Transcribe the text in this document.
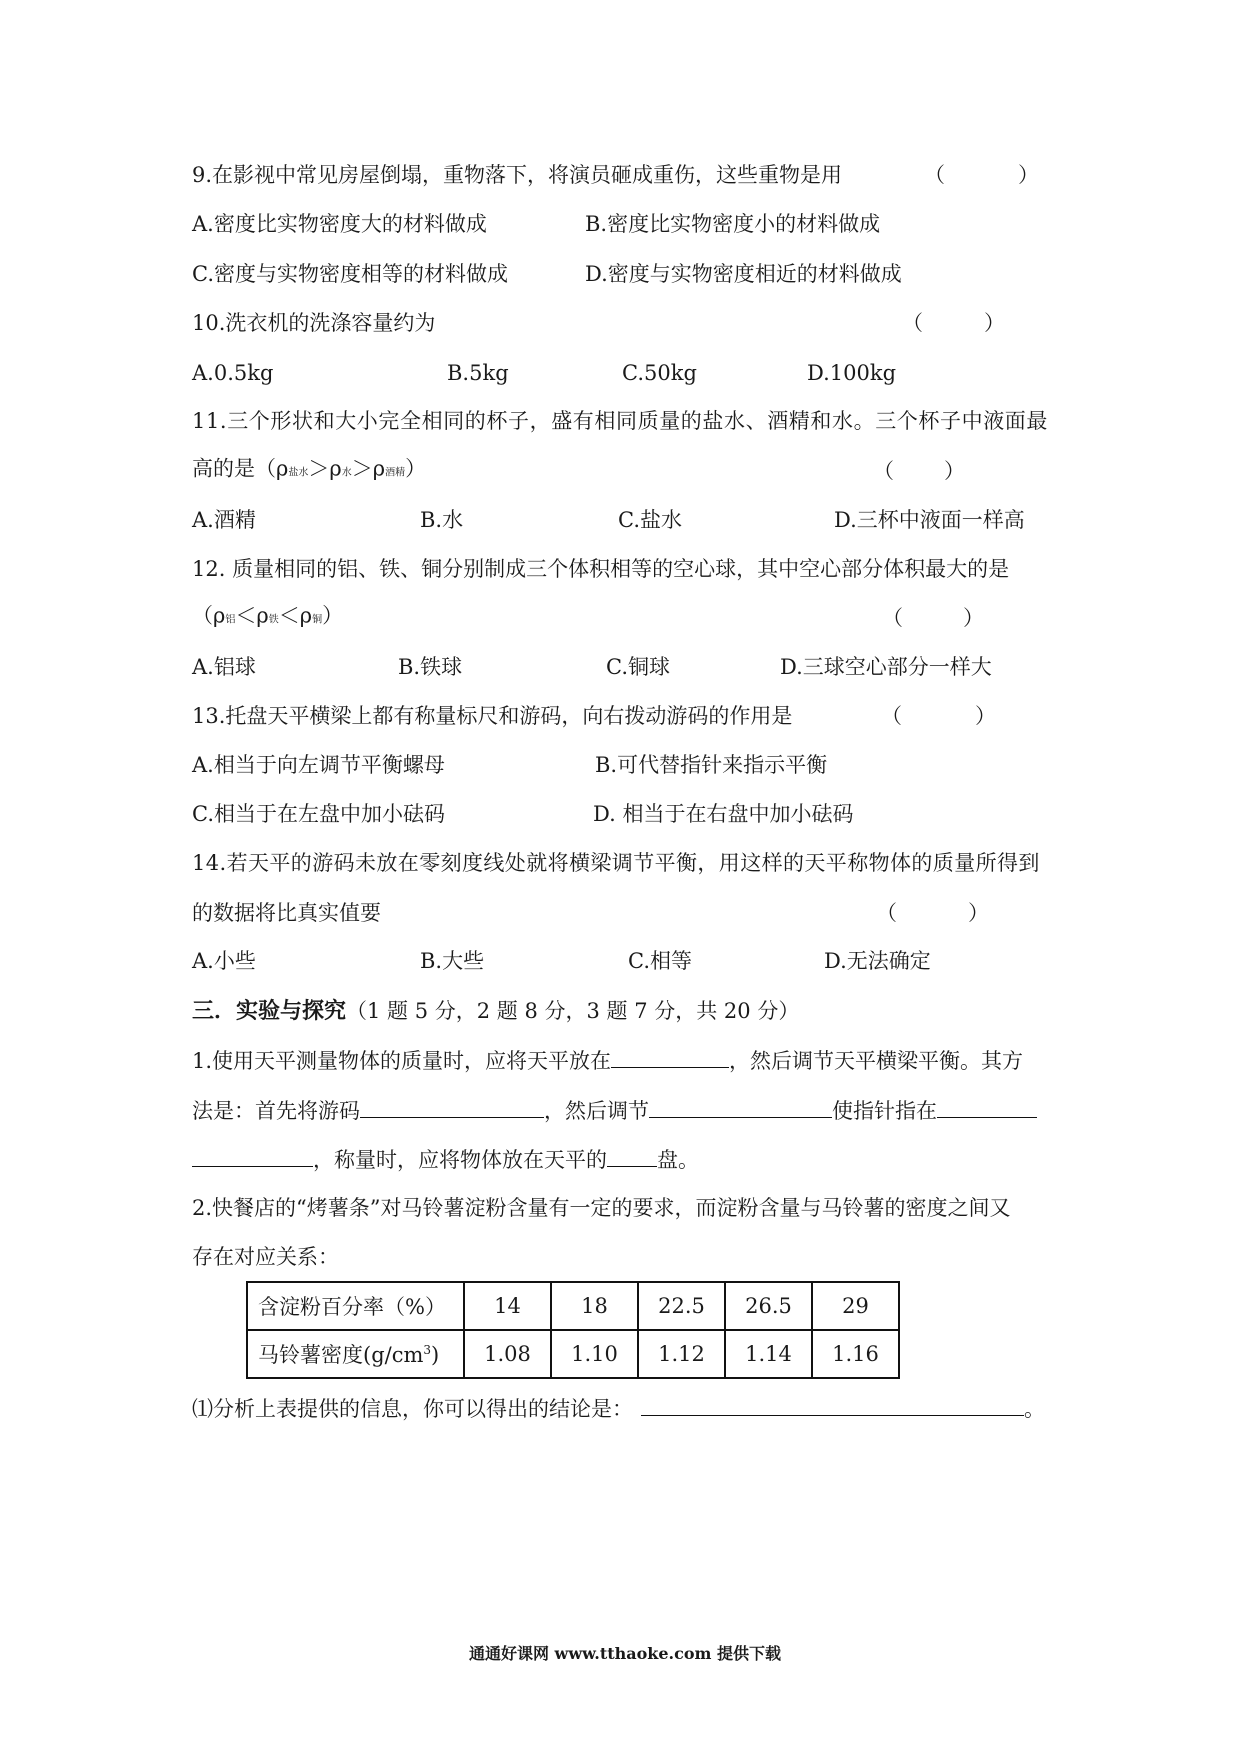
9.在影视中常见房屋倒塌，重物落下，将演员砸成重伤，这些重物是用	（	）
A.密度比实物密度大的材料做成	B.密度比实物密度小的材料做成
C.密度与实物密度相等的材料做成	D.密度与实物密度相近的材料做成
10.洗衣机的洗涤容量约为	（	）
A.0.5kg	B.5kg	C.50kg	D.100kg
11.三个形状和大小完全相同的杯子，盛有相同质量的盐水、酒精和水。三个杯子中液面最
高的是（ρ盐水＞ρ水＞ρ酒精）	（ ）
A.酒精	B.水	C.盐水	D.三杯中液面一样高
12. 质量相同的铝、铁、铜分别制成三个体积相等的空心球，其中空心部分体积最大的是
（ρ铝＜ρ铁＜ρ铜）	（	）
A.铝球	B.铁球	C.铜球	D.三球空心部分一样大
13.托盘天平横梁上都有称量标尺和游码，向右拨动游码的作用是	（	）
A.相当于向左调节平衡螺母	B.可代替指针来指示平衡
C.相当于在左盘中加小砝码	D. 相当于在右盘中加小砝码
14.若天平的游码未放在零刻度线处就将横梁调节平衡，用这样的天平称物体的质量所得到
的数据将比真实值要	（	）
A.小些	B.大些	C.相等	D.无法确定
三．实验与探究（1 题 5 分，2 题 8 分，3 题 7 分，共 20 分）
1.使用天平测量物体的质量时，应将天平放在	，然后调节天平横梁平衡。其方
法是：首先将游码	，然后调节	使指针指在
，称量时，应将物体放在天平的 盘。
2.快餐店的“烤薯条”对马铃薯淀粉含量有一定的要求，而淀粉含量与马铃薯的密度之间又
存在对应关系：
含淀粉百分率（%）	14	18	22.5	26.5	29
马铃薯密度$(g/cm^3)$	1.08	1.10	1.12	1.14	1.16
⑴分析上表提供的信息，你可以得出的结论是：	。
通通好课网 www.tthaoke.com 提供下载
